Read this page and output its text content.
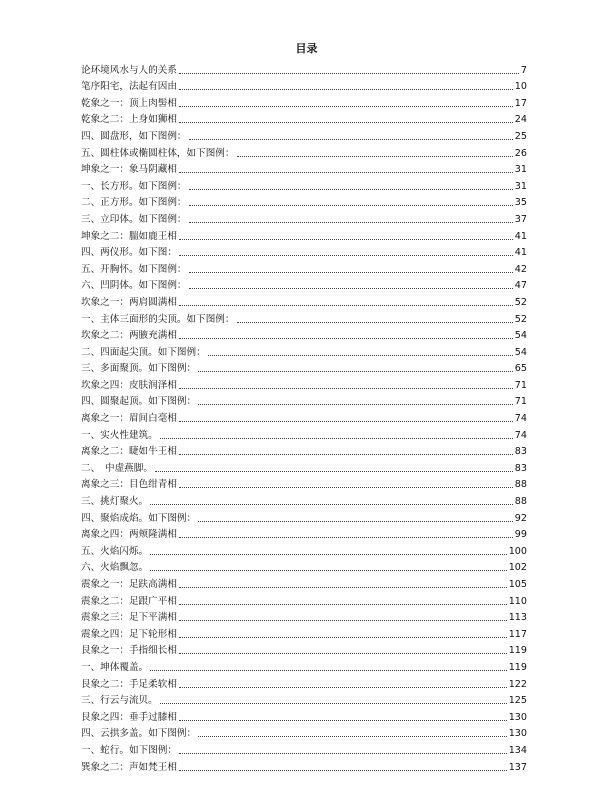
目录
论环境风水与人的关系	7
笔序阳宅，法起有因由	10
乾象之一：顶上肉髻相	17
乾象之二：上身如狮相	24
四、圆盘形，如下图例：	25
五、圆柱体或椭圆柱体，如下图例：	26
坤象之一：象马阴藏相	31
一、长方形。如下图例：	31
二、正方形。如下图例：	35
三、立印体。如下图例：	37
坤象之二：腨如鹿王相	41
四、两仪形。如下图：	41
五、开胸怀。如下图例：	42
六、凹阴体。如下图例：	47
坎象之一：两肩圆满相	52
一、主体三面形的尖顶。如下图例：	52
坎象之二：两腋充满相	54
二、四面起尖顶。如下图例：	54
三、多面聚顶。如下图例：	65
坎象之四：皮肤润泽相	71
四、圆聚起顶。如下图例：	71
离象之一：眉间白毫相	74
一、实火性建筑。	74
离象之二：睫如牛王相	83
二、　中虚燕脚。	83
离象之三：目色绀青相	88
三、挑灯聚火。	88
四、聚焰成焰。如下图例：	92
离象之四：两颊隆满相	99
五、火焰闪烁。	100
六、火焰飘忽。	102
震象之一：足趺高满相	105
震象之二：足跟广平相	110
震象之三：足下平满相	113
震象之四：足下轮形相	117
艮象之一：手指细长相	119
一、坤体覆盖。	119
艮象之二：手足柔软相	122
三、行云与流贝。	125
艮象之四：垂手过膝相	130
四、云拱多盖。如下图例：	130
一、蛇行。如下图例：	134
巽象之二：声如梵王相	137
